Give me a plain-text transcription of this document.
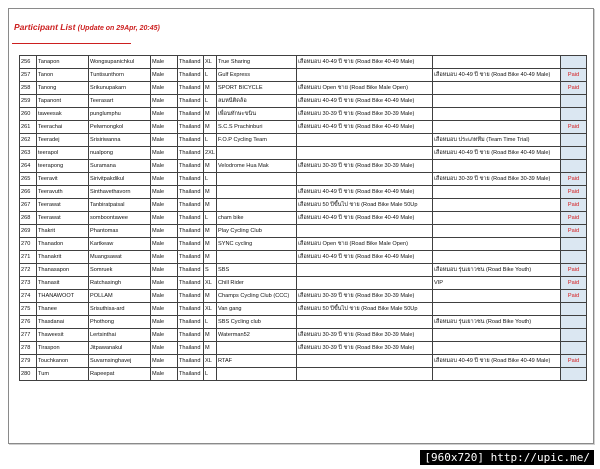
Participant List (Update on 29Apr, 20:45)
256	Tanapon	Wongsupanichkul	Male	Thailand	XL	True Sharing	เสือหมอบ 40-49 ปี ชาย (Road Bike 40-49 Male)		
257	Tanon	Tuntisunthorn	Male	Thailand	L	Gulf Express		เสือหมอบ 40-49 ปี ชาย (Road Bike 40-49 Male)	Paid
258	Tanong	Srikunupakarn	Male	Thailand	M	SPORT BICYCLE	เสือหมอบ Open ชาย (Road Bike Male Open)		Paid
259	Tapanont	Teerasart	Male	Thailand	L	ลมหนีติดล้อ	เสือหมอบ 40-49 ปี ชาย (Road Bike 40-49 Male)		
260	taweesak	punglumphu	Male	Thailand	M	เพื่อนทักษะขนิน	เสือหมอบ 30-39 ปี ชาย (Road Bike 30-39 Male)		
261	Teerachai	Pelwmongkol	Male	Thailand	M	S.C.S Prachinburi	เสือหมอบ 40-49 ปี ชาย (Road Bike 40-49 Male)		Paid
262	Teeradej	Srisiriwanna	Male	Thailand	L	F.O.P Cycling Team		เสือหมอบ ประเภททีม (Team Time Trial)	
263	teerapol	nualpong	Male	Thailand	2XL			เสือหมอบ 40-49 ปี ชาย (Road Bike 40-49 Male)	
264	teerapong	Suramana	Male	Thailand	M	Velodrome Hua Mak	เสือหมอบ 30-39 ปี ชาย (Road Bike 30-39 Male)		
265	Teeravit	Sirivitpakdikul	Male	Thailand	L			เสือหมอบ 30-39 ปี ชาย (Road Bike 30-39 Male)	Paid
266	Teeravuth	Sinthavethavorn	Male	Thailand	M		เสือหมอบ 40-49 ปี ชาย (Road Bike 40-49 Male)		Paid
267	Teerawat	Tanbiratpaisal	Male	Thailand	M		เสือหมอบ 50 ปีขึ้นไป ชาย (Road Bike Male 50Up		Paid
268	Teerawat	somboontawee	Male	Thailand	L	cham bike	เสือหมอบ 40-49 ปี ชาย (Road Bike 40-49 Male)		Paid
269	Thakrit	Phantomas	Male	Thailand	M	Play Cycling Club			Paid
270	Thanadon	Kartkeaw	Male	Thailand	M	SYNC cycling	เสือหมอบ Open ชาย (Road Bike Male Open)		
271	Thanakrit	Muangsawat	Male	Thailand	M		เสือหมอบ 40-49 ปี ชาย (Road Bike 40-49 Male)		
272	Thanasapon	Somruek	Male	Thailand	S	SBS		เสือหมอบ รุ่นเยาวชน (Road Bike Youth)	Paid
273	Thanasit	Ratchasingh	Male	Thailand	XL	Chill Rider		VIP	Paid
274	THANAWOOT	POLLAM	Male	Thailand	M	Champs Cycling Club (CCC)	เสือหมอบ 30-39 ปี ชาย (Road Bike 30-39 Male)		Paid
275	Thanee	Srisuthisa-ard	Male	Thailand	XL	Van gang	เสือหมอบ 50 ปีขึ้นไป ชาย (Road Bike Male 50Up		
276	Thasdanai	Phothong	Male	Thailand	L	SBS Cycling club		เสือหมอบ รุ่นเยาวชน (Road Bike Youth)	
277	Thaweesit	Lertsinthai	Male	Thailand	M	Waterman52	เสือหมอบ 30-39 ปี ชาย (Road Bike 30-39 Male)		
278	Tiraspon	Jitpawanakul	Male	Thailand	M		เสือหมอบ 30-39 ปี ชาย (Road Bike 30-39 Male)		
279	Touchkanon	Suvarnsinghavej	Male	Thailand	XL	RTAF		เสือหมอบ 40-49 ปี ชาย (Road Bike 40-49 Male)	Paid
280	Tum	Rapeepat	Male	Thailand	L				
[960x720] http://upic.me/
